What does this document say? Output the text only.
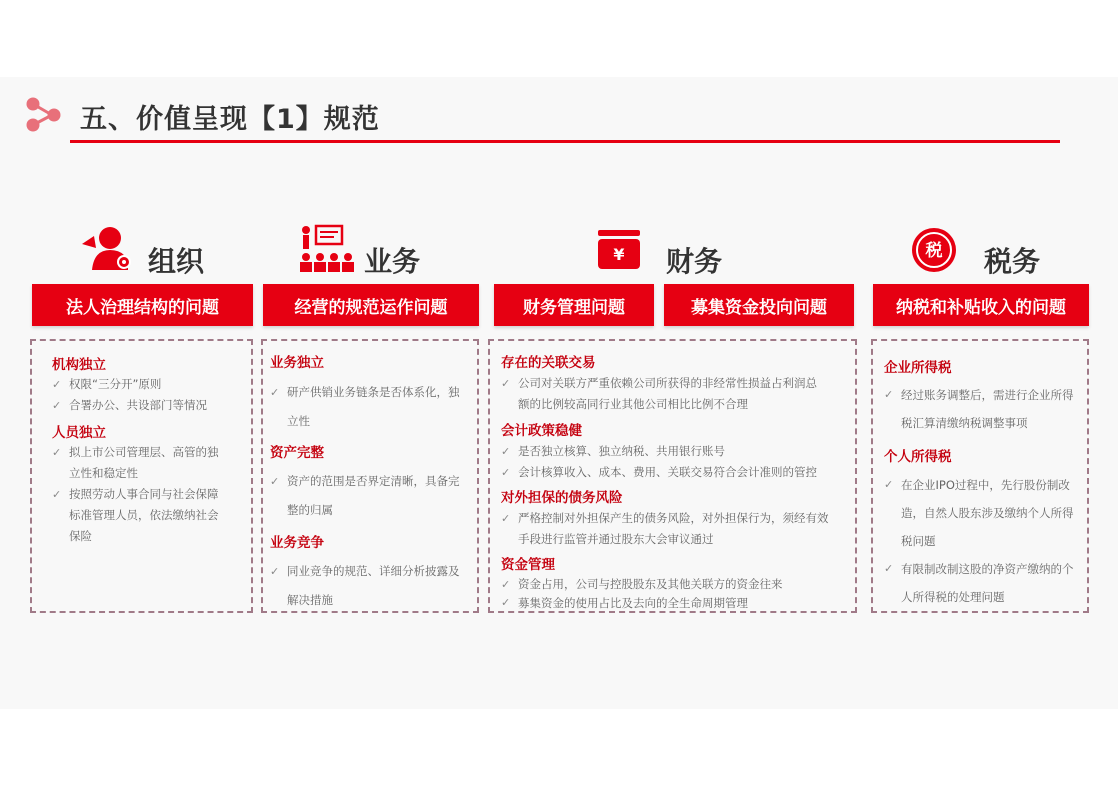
五、价值呈现【1】规范
组织	业务	¥ 财务	税 税务
法人治理结构的问题	经营的规范运作问题	财务管理问题	募集资金投向问题	纳税和补贴收入的问题
机构独立
✓ 权限“三分开”原则
✓ 合署办公、共设部门等情况
人员独立
✓ 拟上市公司管理层、高管的独
立性和稳定性
✓ 按照劳动人事合同与社会保障
标准管理人员，依法缴纳社会
保险
业务独立
✓ 研产供销业务链条是否体系化，独
立性
资产完整
✓ 资产的范围是否界定清晰，具备完
整的归属
业务竞争
✓ 同业竞争的规范、详细分析披露及
解决措施
存在的关联交易
✓ 公司对关联方严重依赖公司所获得的非经常性损益占利润总
额的比例较高同行业其他公司相比比例不合理
会计政策稳健
✓ 是否独立核算、独立纳税、共用银行账号
✓ 会计核算收入、成本、费用、关联交易符合会计准则的管控
对外担保的债务风险
✓ 严格控制对外担保产生的债务风险，对外担保行为，须经有效
手段进行监管并通过股东大会审议通过
资金管理
✓ 资金占用，公司与控股股东及其他关联方的资金往来
✓ 募集资金的使用占比及去向的全生命周期管理
企业所得税
✓ 经过账务调整后，需进行企业所得
税汇算清缴纳税调整事项
个人所得税
✓ 在企业IPO过程中，先行股份制改
造，自然人股东涉及缴纳个人所得
税问题
✓ 有限制改制这股的净资产缴纳的个
人所得税的处理问题
